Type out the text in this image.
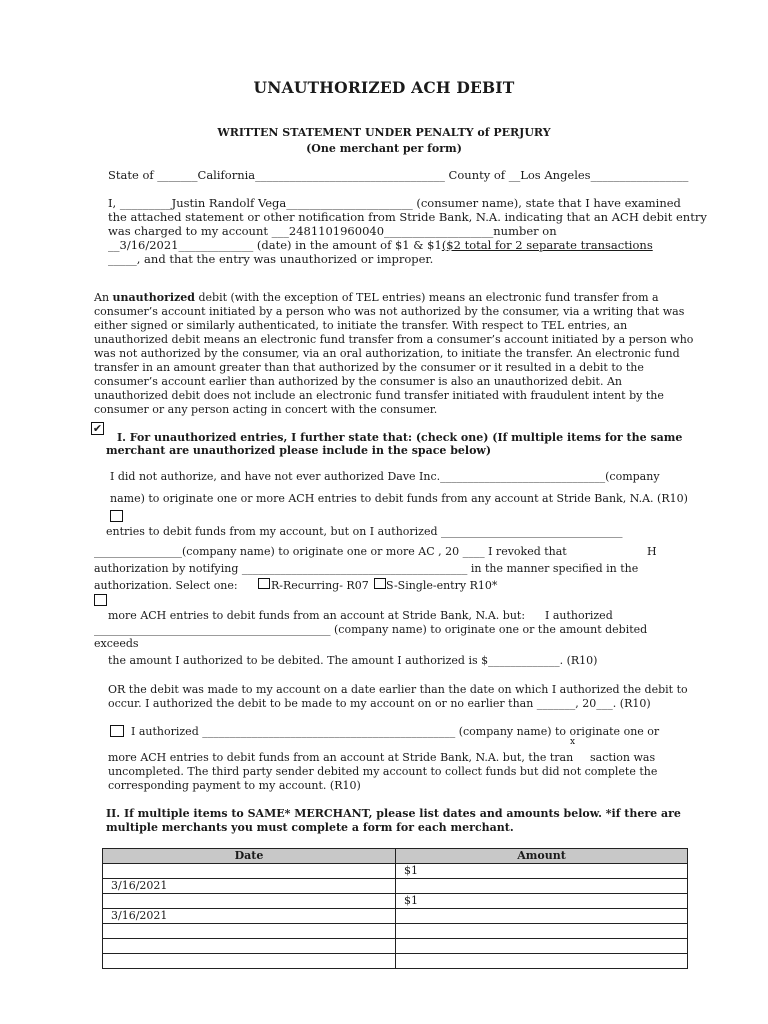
UNAUTHORIZED ACH DEBIT
WRITTEN STATEMENT UNDER PENALTY of PERJURY
(One merchant per form)
State of _______California_________________________________ County of __Los Angeles_________________
I, _________Justin Randolf Vega______________________ (consumer name), state that I have examined
the attached statement or other notification from Stride Bank, N.A. indicating that an ACH debit entry
was charged to my account ___2481101960040___________________number on
__3/16/2021_____________ (date) in the amount of $1 & $1($2 total for 2 separate transactions
_____, and that the entry was unauthorized or improper.
An unauthorized debit (with the exception of TEL entries) means an electronic fund transfer from a
consumer’s account initiated by a person who was not authorized by the consumer, via a writing that was
either signed or similarly authenticated, to initiate the transfer. With respect to TEL entries, an
unauthorized debit means an electronic fund transfer from a consumer’s account initiated by a person who
was not authorized by the consumer, via an oral authorization, to initiate the transfer. An electronic fund
transfer in an amount greater than that authorized by the consumer or it resulted in a debit to the
consumer’s account earlier than authorized by the consumer is also an unauthorized debit. An
unauthorized debit does not include an electronic fund transfer initiated with fraudulent intent by the
consumer or any person acting in concert with the consumer.
✔
I. For unauthorized entries, I further state that: (check one) (If multiple items for the same
merchant are unauthorized please include in the space below)
I did not authorize, and have not ever authorized Dave Inc.______________________________(company
name) to originate one or more ACH entries to debit funds from any account at Stride Bank, N.A. (R10)
entries to debit funds from my account, but on I authorized _________________________________
________________(company name) to originate one or more AC , 20 ____ I revoked that	H
authorization by notifying _________________________________________ in the manner specified in the
authorization. Select one:	R-Recurring- R07 S-Single-entry R10*
more ACH entries to debit funds from an account at Stride Bank, N.A. but: I authorized
___________________________________________ (company name) to originate one or the amount debited
exceeds
the amount I authorized to be debited. The amount I authorized is $_____________. (R10)
OR the debit was made to my account on a date earlier than the date on which I authorized the debit to
occur. I authorized the debit to be made to my account on or no earlier than _______, 20___. (R10)
I authorized ______________________________________________ (company name) to originate one or
x
more ACH entries to debit funds from an account at Stride Bank, N.A. but, the tran saction was
uncompleted. The third party sender debited my account to collect funds but did not complete the
corresponding payment to my account. (R10)
II. If multiple items to SAME* MERCHANT, please list dates and amounts below. *if there are
multiple merchants you must complete a form for each merchant.
Date	Amount
	$1
3/16/2021	
	$1
3/16/2021	
